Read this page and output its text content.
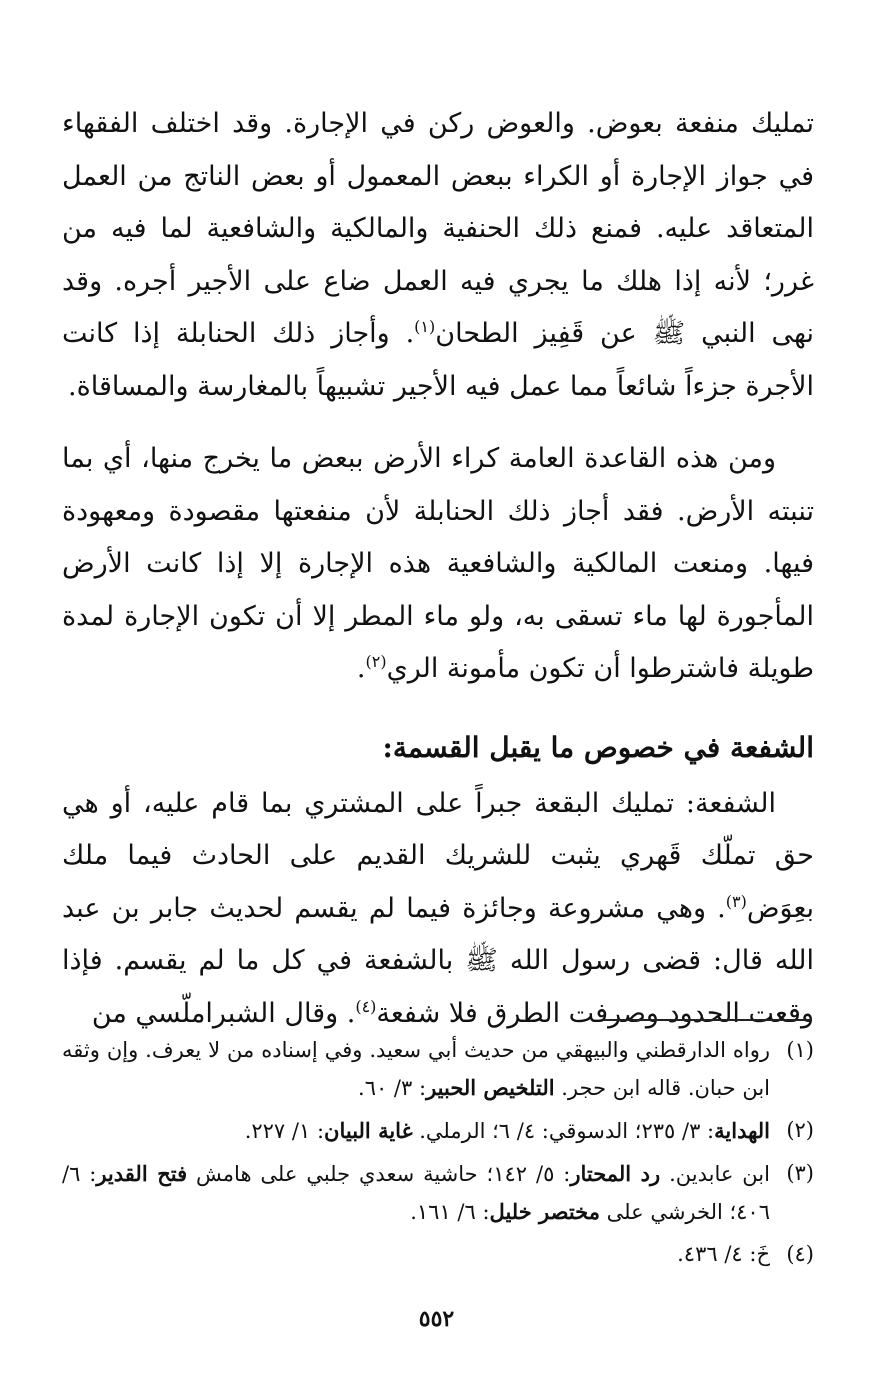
تمليك منفعة بعوض. والعوض ركن في الإجارة. وقد اختلف الفقهاء في جواز الإجارة أو الكراء ببعض المعمول أو بعض الناتج من العمل المتعاقد عليه. فمنع ذلك الحنفية والمالكية والشافعية لما فيه من غرر؛ لأنه إذا هلك ما يجري فيه العمل ضاع على الأجير أجره. وقد نهى النبي ﷺ عن قَفِيز الطحان$^{(١)}$. وأجاز ذلك الحنابلة إذا كانت الأجرة جزءاً شائعاً مما عمل فيه الأجير تشبيهاً بالمغارسة والمساقاة.

ومن هذه القاعدة العامة كراء الأرض ببعض ما يخرج منها، أي بما تنبته الأرض. فقد أجاز ذلك الحنابلة لأن منفعتها مقصودة ومعهودة فيها. ومنعت المالكية والشافعية هذه الإجارة إلا إذا كانت الأرض المأجورة لها ماء تسقى به، ولو ماء المطر إلا أن تكون الإجارة لمدة طويلة فاشترطوا أن تكون مأمونة الري$^{(٢)}$.

الشفعة في خصوص ما يقبل القسمة:

الشفعة: تمليك البقعة جبراً على المشتري بما قام عليه، أو هي حق تملّك قَهري يثبت للشريك القديم على الحادث فيما ملك بعِوَض$^{(٣)}$. وهي مشروعة وجائزة فيما لم يقسم لحديث جابر بن عبد الله قال: قضى رسول الله ﷺ بالشفعة في كل ما لم يقسم. فإذا وقعت الحدود وصرفت الطرق فلا شفعة$^{(٤)}$. وقال الشبراملّسي من

(١)
رواه الدارقطني والبيهقي من حديث أبي سعيد. وفي إسناده من لا يعرف. وإن وثقه ابن حبان. قاله ابن حجر. التلخيص الحبير: ٣/ ٦٠.

(٢)
الهداية: ٣/ ٢٣٥؛ الدسوقي: ٤/ ٦؛ الرملي. غاية البيان: ١/ ٢٢٧.

(٣)
ابن عابدين. رد المحتار: ٥/ ١٤٢؛ حاشية سعدي جلبي على هامش فتح القدير: ٦/ ٤٠٦؛ الخرشي على مختصر خليل: ٦/ ١٦١.

(٤)
خَ: ٤/ ٤٣٦.

٥٥٢
